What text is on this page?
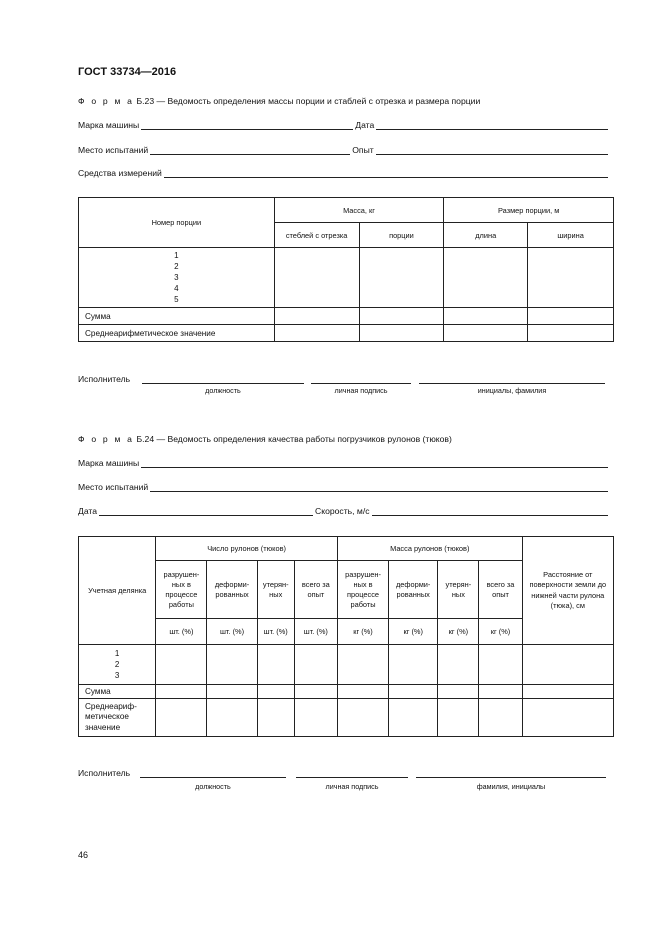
ГОСТ 33734—2016
Ф о р м а Б.23 — Ведомость определения массы порции и стаблей с отрезка и размера порции
Марка машины	Дата
Место испытаний	Опыт
Средства измерений
Номер порции	Масса, кг		Размер порции, м	
	стеблей с отрезка	порции	длина	ширина

1
2
3
4
5				

Сумма				
Среднеарифметическое значение				
Исполнитель
должность	личная подпись	инициалы, фамилия
Ф о р м а Б.24 — Ведомость определения качества работы погрузчиков рулонов (тюков)
Марка машины
Место испытаний
Дата	Скорость, м/с
Учетная делянка	Число рулонов (тюков)				Масса рулонов (тюков)				Расстояние от поверхности земли до нижней части рулона (тюка), см
	разрушен-ных в процессе работы	деформи-рованных	утерян-ных	всего за опыт	разрушен-ных в процессе работы	деформи-рованных	утерян-ных	всего за опыт	
	шт. (%)	шт. (%)	шт. (%)	шт. (%)	кг (%)	кг (%)	кг (%)	кг (%)	

1
2
3									

Сумма									
Среднеариф-метическое значение									
Исполнитель
должность	личная подпись	фамилия, инициалы
46
